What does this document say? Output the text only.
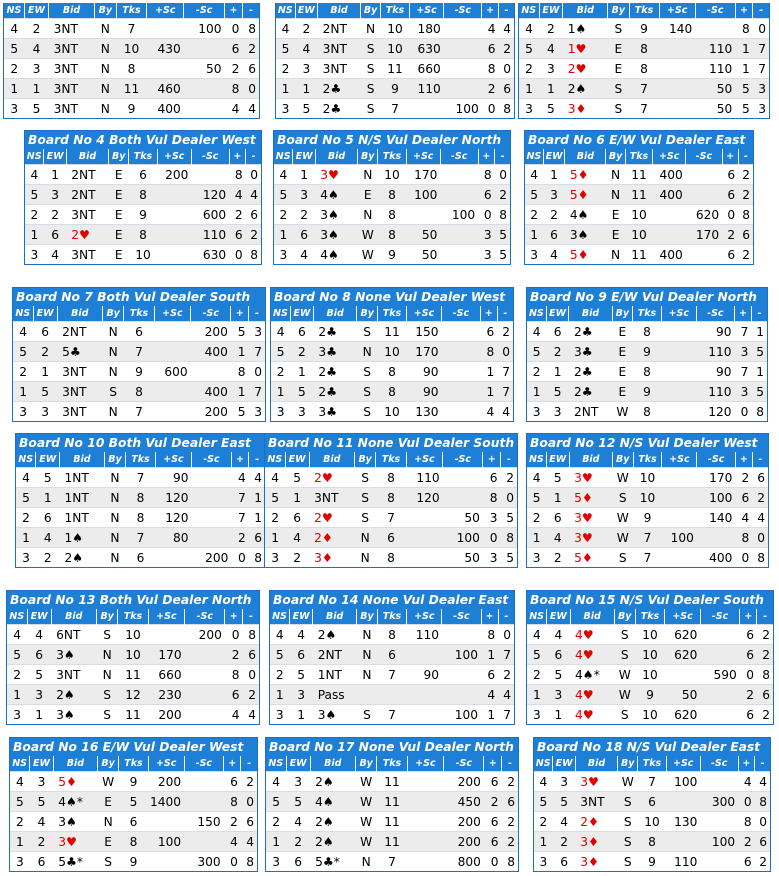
NS	EW	Bid	By	Tks	+Sc	-Sc	+	-
4	2	3NT	N	7		100	0	8
5	4	3NT	N	10	430		6	2
2	3	3NT	N	8		50	2	6
1	1	3NT	N	11	460		8	0
3	5	3NT	N	9	400		4	4
NS	EW	Bid	By	Tks	+Sc	-Sc	+	-
4	2	2NT	N	10	180		4	4
5	4	3NT	S	10	630		6	2
2	3	3NT	S	11	660		8	0
1	1	2♣	S	9	110		2	6
3	5	2♣	S	7		100	0	8
NS	EW	Bid	By	Tks	+Sc	-Sc	+	-
4	2	1♠	S	9	140		8	0
5	4	1♥	E	8		110	1	7
2	3	2♥	E	8		110	1	7
1	1	2♠	S	7		50	5	3
3	5	3♦	S	7		50	5	3
Board No 4 Both Vul Dealer West
NS	EW	Bid	By	Tks	+Sc	-Sc	+	-
4	1	2NT	E	6	200		8	0
5	3	2NT	E	8		120	4	4
2	2	3NT	E	9		600	2	6
1	6	2♥	E	8		110	6	2
3	4	3NT	E	10		630	0	8
Board No 5 N/S Vul Dealer North
NS	EW	Bid	By	Tks	+Sc	-Sc	+	-
4	1	3♥	N	10	170		8	0
5	3	4♠	E	8	100		6	2
2	2	3♠	N	8		100	0	8
1	6	3♠	W	8	50		3	5
3	4	4♠	W	9	50		3	5
Board No 6 E/W Vul Dealer East
NS	EW	Bid	By	Tks	+Sc	-Sc	+	-
4	1	5♦	N	11	400		6	2
5	3	5♦	N	11	400		6	2
2	2	4♠	E	10		620	0	8
1	6	3♠	E	10		170	2	6
3	4	5♦	N	11	400		6	2
Board No 7 Both Vul Dealer South
NS	EW	Bid	By	Tks	+Sc	-Sc	+	-
4	6	2NT	N	6		200	5	3
5	2	5♣	N	7		400	1	7
2	1	3NT	N	9	600		8	0
1	5	3NT	S	8		400	1	7
3	3	3NT	N	7		200	5	3
Board No 8 None Vul Dealer West
NS	EW	Bid	By	Tks	+Sc	-Sc	+	-
4	6	2♣	S	11	150		6	2
5	2	3♣	N	10	170		8	0
2	1	2♣	S	8	90		1	7
1	5	2♣	S	8	90		1	7
3	3	3♣	S	10	130		4	4
Board No 9 E/W Vul Dealer North
NS	EW	Bid	By	Tks	+Sc	-Sc	+	-
4	6	2♣	E	8		90	7	1
5	2	3♣	E	9		110	3	5
2	1	2♣	E	8		90	7	1
1	5	2♣	E	9		110	3	5
3	3	2NT	W	8		120	0	8
Board No 10 Both Vul Dealer East
NS	EW	Bid	By	Tks	+Sc	-Sc	+	-
4	5	1NT	N	7	90		4	4
5	1	1NT	N	8	120		7	1
2	6	1NT	N	8	120		7	1
1	4	1♠	N	7	80		2	6
3	2	2♠	N	6		200	0	8
Board No 11 None Vul Dealer South
NS	EW	Bid	By	Tks	+Sc	-Sc	+	-
4	5	2♥	S	8	110		6	2
5	1	3NT	S	8	120		8	0
2	6	2♥	S	7		50	3	5
1	4	2♦	N	6		100	0	8
3	2	3♦	N	8		50	3	5
Board No 12 N/S Vul Dealer West
NS	EW	Bid	By	Tks	+Sc	-Sc	+	-
4	5	3♥	W	10		170	2	6
5	1	5♦	S	10		100	6	2
2	6	3♥	W	9		140	4	4
1	4	3♥	W	7	100		8	0
3	2	5♦	S	7		400	0	8
Board No 13 Both Vul Dealer North
NS	EW	Bid	By	Tks	+Sc	-Sc	+	-
4	4	6NT	S	10		200	0	8
5	6	3♠	N	10	170		2	6
2	5	3NT	N	11	660		8	0
1	3	2♠	S	12	230		6	2
3	1	3♠	S	11	200		4	4
Board No 14 None Vul Dealer East
NS	EW	Bid	By	Tks	+Sc	-Sc	+	-
4	4	2♠	N	8	110		8	0
5	6	2NT	N	6		100	1	7
2	5	1NT	N	7	90		6	2
1	3	Pass					4	4
3	1	3♠	S	7		100	1	7
Board No 15 N/S Vul Dealer South
NS	EW	Bid	By	Tks	+Sc	-Sc	+	-
4	4	4♥	S	10	620		6	2
5	6	4♥	S	10	620		6	2
2	5	4♠*	W	10		590	0	8
1	3	4♥	W	9	50		2	6
3	1	4♥	S	10	620		6	2
Board No 16 E/W Vul Dealer West
NS	EW	Bid	By	Tks	+Sc	-Sc	+	-
4	3	5♦	W	9	200		6	2
5	5	4♠*	E	5	1400		8	0
2	4	3♠	N	6		150	2	6
1	2	3♥	E	8	100		4	4
3	6	5♣*	S	9		300	0	8
Board No 17 None Vul Dealer North
NS	EW	Bid	By	Tks	+Sc	-Sc	+	-
4	3	2♠	W	11		200	6	2
5	5	4♠	W	11		450	2	6
2	4	2♠	W	11		200	6	2
1	2	2♠	W	11		200	6	2
3	6	5♣*	N	7		800	0	8
Board No 18 N/S Vul Dealer East
NS	EW	Bid	By	Tks	+Sc	-Sc	+	-
4	3	3♥	W	7	100		4	4
5	5	3NT	S	6		300	0	8
2	4	2♦	S	10	130		8	0
1	2	3♦	S	8		100	2	6
3	6	3♦	S	9	110		6	2
